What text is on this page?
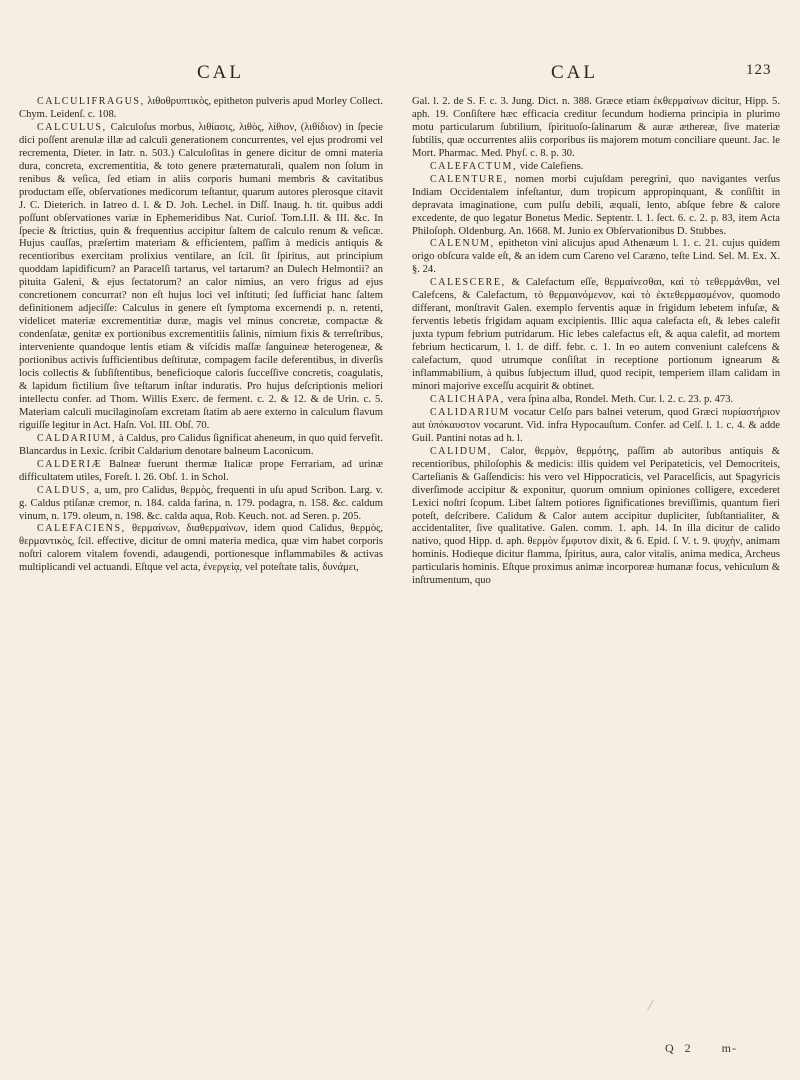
CAL	CAL	123

CALCULIFRAGUS, λιθοθρυπτικὸς, epitheton pulveris apud Morley Collect. Chym. Leidenſ. c. 108.

CALCULUS, Calculoſus morbus, λιθίασις, λιθὸς, λίθιον, (λιθίδιον) in ſpecie dici poſſent arenulæ illæ ad calculi generationem concurrentes, vel ejus prodromi vel recrementa, Dieter. in Iatr. n. 503.) Calculoſitas in genere dicitur de omni materia dura, concreta, excrementitia, & toto genere præternaturali, qualem non ſolum in renibus & veſica, ſed etiam in aliis corporis humani membris & cavitatibus productam eſſe, obſervationes medicorum teſtantur, quarum autores plerosque citavit J. C. Dieterich. in Iatreo d. l. & D. Joh. Lechel. in Diſſ. Inaug. h. tit. quibus addi poſſunt obſervationes variæ in Ephemeridibus Nat. Curioſ. Tom.I.II. & III. &c. In ſpecie & ſtrictius, quin & frequentius accipitur ſaltem de calculo renum & veſicæ. Hujus cauſſas, præſertim materiam & efficientem, paſſim à medicis antiquis & recentioribus exercitam prolixius ventilare, an ſcil. ſit ſpiritus, aut principium quoddam lapidificum? an Paracelſi tartarus, vel tartarum? an Dulech Helmontii? an pituita Galeni, & ejus ſectatorum? an calor nimius, an vero frigus ad ejus concretionem concurrat? non eſt hujus loci vel inſtituti; ſed ſufficiat hanc ſaltem definitionem adjeciſſe: Calculus in genere eſt ſymptoma excernendi p. n. retenti, videlicet materiæ excrementitiæ duræ, magis vel minus concretæ, compactæ & condenſatæ, genitæ ex portionibus excrementitiis ſalinis, nimium fixis & terreſtribus, interveniente quandoque lentis etiam & viſcidis maſſæ ſanguineæ heterogeneæ, & portionibus activis ſufficientibus deſtitutæ, compagem facile deferentibus, in diverſis locis collectis & ſubſiſtentibus, beneficioque caloris ſucceſſive concretis, coagulatis, & lapidum fictilium ſive teſtarum inſtar induratis. Pro hujus deſcriptionis meliori intellectu confer. ad Thom. Willis Exerc. de ferment. c. 2. & 12. & de Urin. c. 5. Materiam calculi mucilaginoſam excretam ſtatim ab aere externo in calculum flavum riguiſſe legitur in Act. Haſn. Vol. III. Obſ. 70.

CALDARIUM, à Caldus, pro Calidus ſignificat aheneum, in quo quid fervefit. Blancardus in Lexic. ſcribit Caldarium denotare balneum Laconicum.

CALDERIÆ Balneæ fuerunt thermæ Italicæ prope Ferrariam, ad urinæ difficultatem utiles, Foreſt. l. 26. Obſ. 1. in Schol.

CALDUS, a, um, pro Calidus, θερμὸς, frequenti in uſu apud Scribon. Larg. v. g. Caldus ptiſanæ cremor, n. 184. calda farina, n. 179. podagra, n. 158. &c. caldum vinum, n. 179. oleum, n. 198. &c. calda aqua, Rob. Keuch. not. ad Seren. p. 205.

CALEFACIENS, θερμαίνων, διαθερμαίνων, idem quod Calidus, θερμὸς, θερμαντικὸς, ſcil. effective, dicitur de omni materia medica, quæ vim habet corporis noſtri calorem vitalem fovendi, adaugendi, portionesque inflammabiles & activas multiplicandi vel actuandi. Eſtque vel acta, ἐνεργείᾳ, vel poteſtate talis, δυνάμει,

Gal. l. 2. de S. F. c. 3. Jung. Dict. n. 388. Græce etiam ἐκθερμαίνων dicitur, Hipp. 5. aph. 19. Conſiſtere hæc efficacia creditur ſecundum hodierna principia in plurimo motu particularum ſubtilium, ſpirituoſo-ſalinarum & auræ æthereæ, ſive materiæ ſubtilis, quæ occurrentes aliis corporibus iis majorem motum conciliare queunt. Jac. le Mort. Pharmac. Med. Phyſ. c. 8. p. 30.

CALEFACTUM, vide Calefiens.

CALENTURE, nomen morbi cujuſdam peregrini, quo navigantes verſus Indiam Occidentalem infeſtantur, dum tropicum appropinquant, & conſiſtit in depravata imaginatione, cum pulſu debili, æquali, lento, abſque febre & calore excedente, de quo legatur Bonetus Medic. Septentr. l. 1. ſect. 6. c. 2. p. 83, item Acta Philoſoph. Oldenburg. An. 1668. M. Junio ex Obſervationibus D. Stubbes.

CALENUM, epitheton vini alicujus apud Athenæum l. 1. c. 21. cujus quidem origo obſcura valde eſt, & an idem cum Careno vel Caræno, teſte Lind. Sel. M. Ex. X. §. 24.

CALESCERE, & Calefactum eſſe, θερμαίνεσθαι, καὶ τὸ τεθερμάνθαι, vel Calefcens, & Calefactum, τὸ θερμαινόμενον, καὶ τὸ ἐκτεθερμασμένον, quomodo differant, monſtravit Galen. exemplo ferventis aquæ in frigidum lebetem infuſæ, & ferventis lebetis frigidam aquam excipientis. Illic aqua calefacta eſt, & lebes calefit juxta typum febrium putridarum. Hic lebes calefactus eſt, & aqua calefit, ad mortem febrium hecticarum, l. 1. de diff. febr. c. 1. In eo autem conveniunt calefcens & calefactum, quod utrumque conſiſtat in receptione portionum ignearum & inflammabilium, à quibus ſubjectum illud, quod recipit, temperiem illam calidam in minori majorive exceſſu acquirit & obtinet.

CALICHAPA, vera ſpina alba, Rondel. Meth. Cur. l. 2. c. 23. p. 473.

CALIDARIUM vocatur Celſo pars balnei veterum, quod Græci πυρίαστήριον aut ὑπόκαυστον vocarunt. Vid. infra Hypocauſtum. Confer. ad Celſ. l. 1. c. 4. & adde Guil. Pantini notas ad h. l.

CALIDUM, Calor, θερμὸν, θερμότης, paſſim ab autoribus antiquis & recentioribus, philoſophis & medicis: illis quidem vel Peripateticis, vel Democriteis, Carteſianis & Gaſſendicis: his vero vel Hippocraticis, vel Paracelſicis, aut Spagyricis diverſimode accipitur & exponitur, quorum omnium opiniones colligere, excederet Lexici noſtri ſcopum. Libet ſaltem potiores ſignificationes breviſſimis, quantum fieri poteſt, deſcribere. Calidum & Calor autem accipitur dupliciter, ſubſtantialiter, & accidentaliter, ſive qualitative. Galen. comm. 1. aph. 14. In illa dicitur de calido nativo, quod Hipp. d. aph. θερμὸν ἔμφυτον dixit, & 6. Epid. ſ. V. t. 9. ψυχὴν, animam hominis. Hodieque dicitur flamma, ſpiritus, aura, calor vitalis, anima medica, Archeus particularis hominis. Eſtque proximus animæ incorporeæ humanæ focus, vehiculum & inſtrumentum, quo

Q 2 m-
